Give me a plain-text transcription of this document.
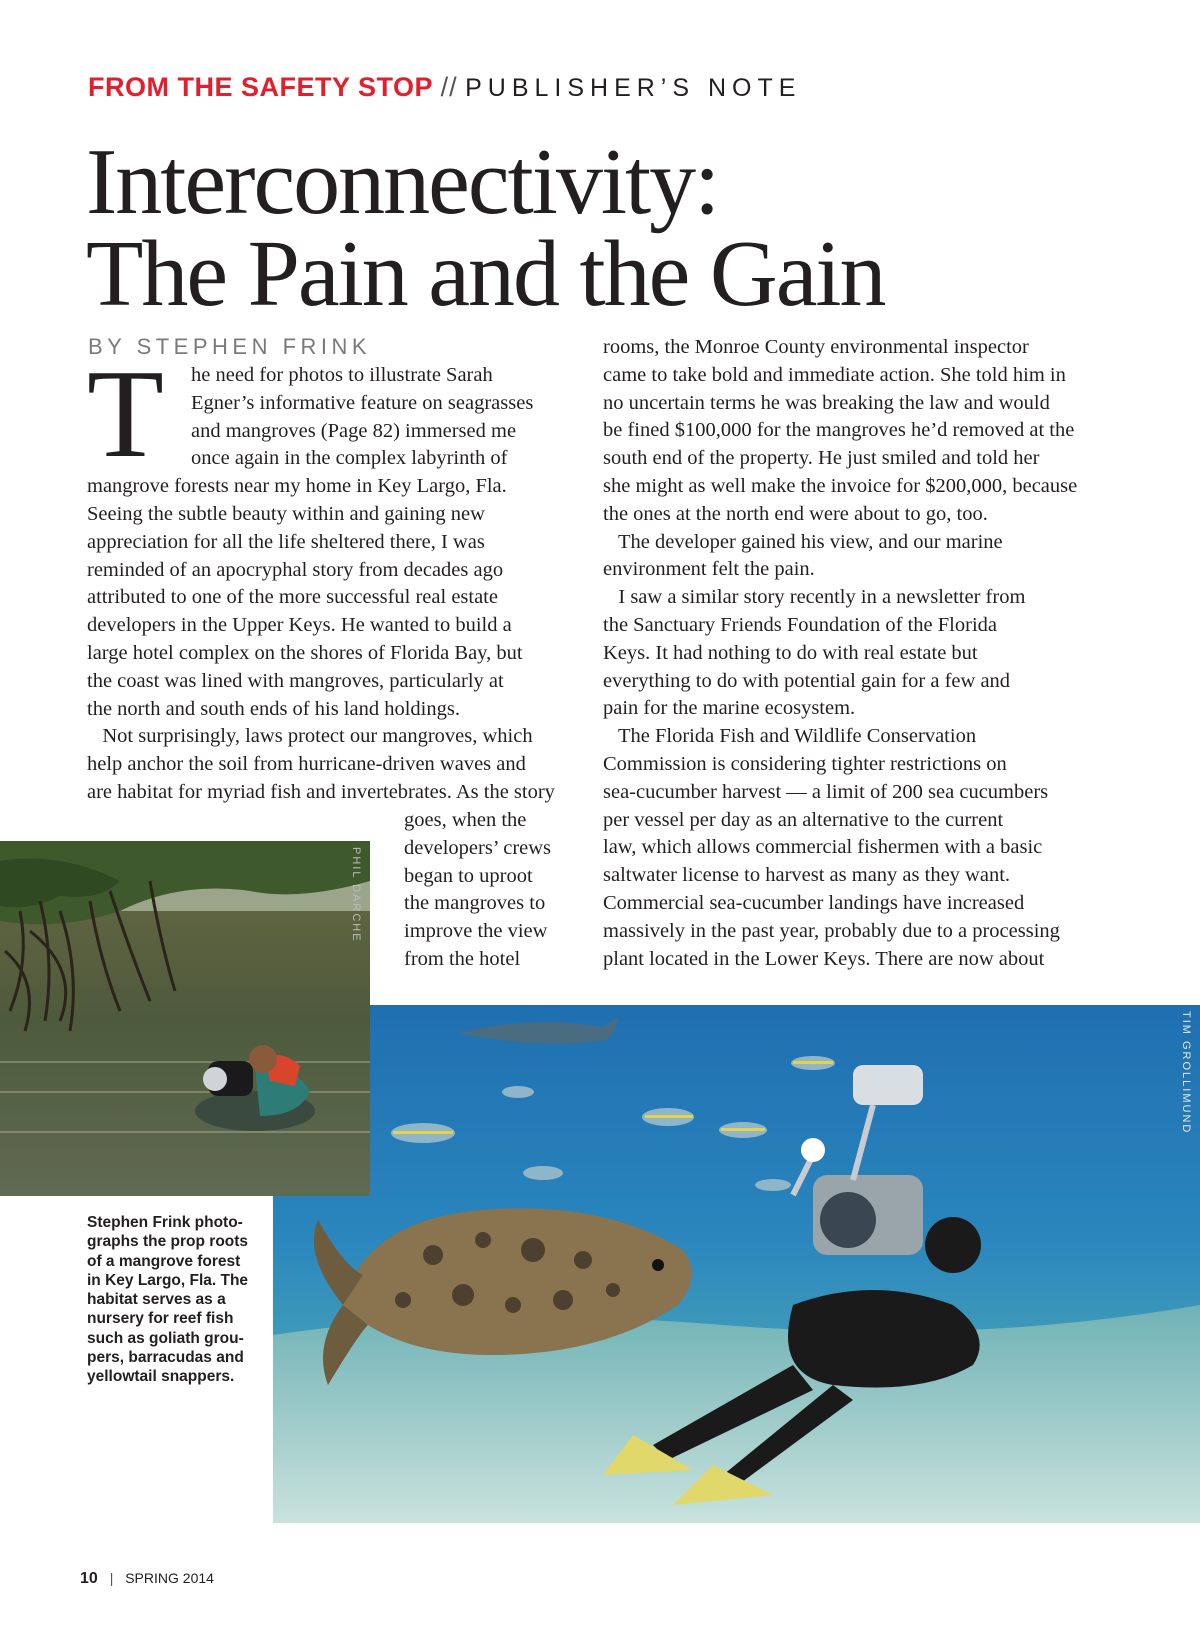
FROM THE SAFETY STOP // PUBLISHER’S NOTE
Interconnectivity:
The Pain and the Gain
BY STEPHEN FRINK
T	he need for photos to illustrate Sarah
Egner’s informative feature on seagrasses
and mangroves (Page 82) immersed me
once again in the complex labyrinth of
mangrove forests near my home in Key Largo, Fla.
Seeing the subtle beauty within and gaining new
appreciation for all the life sheltered there, I was
reminded of an apocryphal story from decades ago
attributed to one of the more successful real estate
developers in the Upper Keys. He wanted to build a
large hotel complex on the shores of Florida Bay, but
the coast was lined with mangroves, particularly at
the north and south ends of his land holdings.
Not surprisingly, laws protect our mangroves, which
help anchor the soil from hurricane-driven waves and
are habitat for myriad fish and invertebrates. As the story
goes, when the
developers’ crews
began to uproot
the mangroves to
improve the view
from the hotel
rooms, the Monroe County environmental inspector
came to take bold and immediate action. She told him in
no uncertain terms he was breaking the law and would
be fined $100,000 for the mangroves he’d removed at the
south end of the property. He just smiled and told her
she might as well make the invoice for $200,000, because
the ones at the north end were about to go, too.
The developer gained his view, and our marine
environment felt the pain.
I saw a similar story recently in a newsletter from
the Sanctuary Friends Foundation of the Florida
Keys. It had nothing to do with real estate but
everything to do with potential gain for a few and
pain for the marine ecosystem.
The Florida Fish and Wildlife Conservation
Commission is considering tighter restrictions on
sea-cucumber harvest — a limit of 200 sea cucumbers
per vessel per day as an alternative to the current
law, which allows commercial fishermen with a basic
saltwater license to harvest as many as they want.
Commercial sea-cucumber landings have increased
massively in the past year, probably due to a processing
plant located in the Lower Keys. There are now about
TIM GROLLIMUND
PHIL DARCHE
Stephen Frink photo-
graphs the prop roots
of a mangrove forest
in Key Largo, Fla. The
habitat serves as a
nursery for reef fish
such as goliath grou-
pers, barracudas and
yellowtail snappers.
10 | SPRING 2014
